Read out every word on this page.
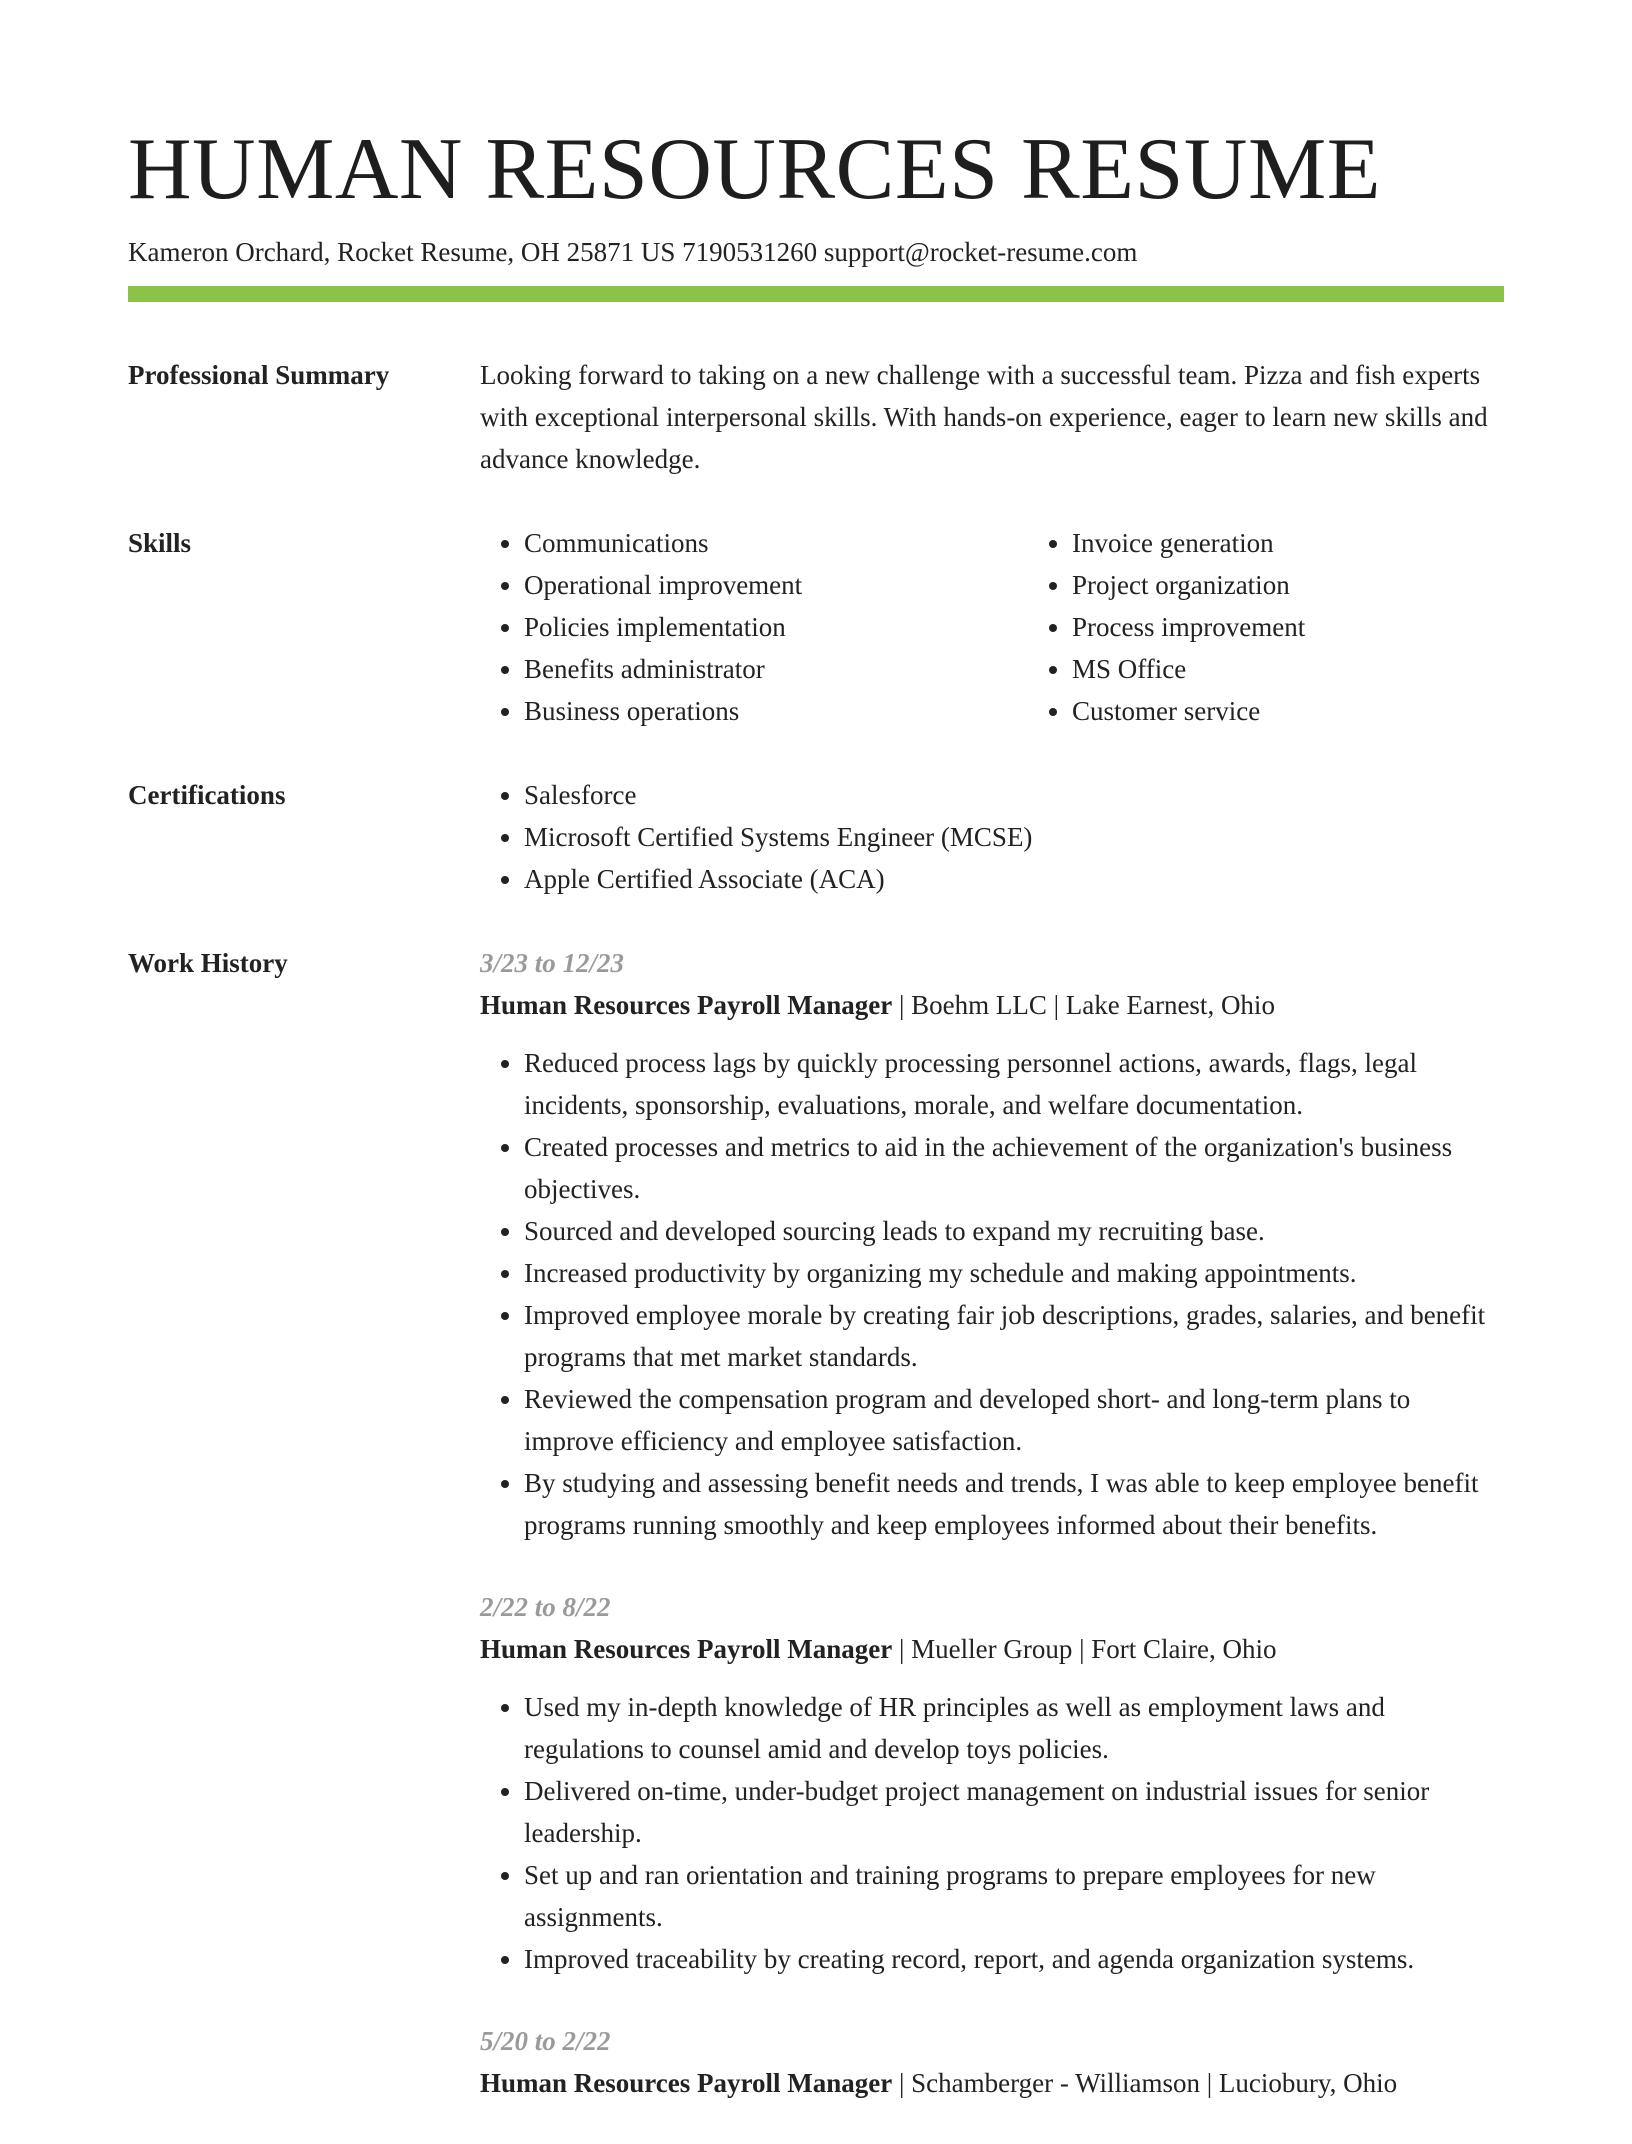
HUMAN RESOURCES RESUME
Kameron Orchard, Rocket Resume, OH 25871 US 7190531260 support@rocket-resume.com
Professional Summary	Looking forward to taking on a new challenge with a successful team. Pizza and fish experts with exceptional interpersonal skills. With hands-on experience, eager to learn new skills and advance knowledge.
Skills	• Communications
• Operational improvement
• Policies implementation
• Benefits administrator
• Business operations
• Invoice generation
• Project organization
• Process improvement
• MS Office
• Customer service
Certifications	• Salesforce
• Microsoft Certified Systems Engineer (MCSE)
• Apple Certified Associate (ACA)
Work History	3/23 to 12/23
Human Resources Payroll Manager | Boehm LLC | Lake Earnest, Ohio
• Reduced process lags by quickly processing personnel actions, awards, flags, legal incidents, sponsorship, evaluations, morale, and welfare documentation.
• Created processes and metrics to aid in the achievement of the organization's business objectives.
• Sourced and developed sourcing leads to expand my recruiting base.
• Increased productivity by organizing my schedule and making appointments.
• Improved employee morale by creating fair job descriptions, grades, salaries, and benefit programs that met market standards.
• Reviewed the compensation program and developed short- and long-term plans to improve efficiency and employee satisfaction.
• By studying and assessing benefit needs and trends, I was able to keep employee benefit programs running smoothly and keep employees informed about their benefits.
2/22 to 8/22
Human Resources Payroll Manager | Mueller Group | Fort Claire, Ohio
• Used my in-depth knowledge of HR principles as well as employment laws and regulations to counsel amid and develop toys policies.
• Delivered on-time, under-budget project management on industrial issues for senior leadership.
• Set up and ran orientation and training programs to prepare employees for new assignments.
• Improved traceability by creating record, report, and agenda organization systems.
5/20 to 2/22
Human Resources Payroll Manager | Schamberger - Williamson | Luciobury, Ohio
